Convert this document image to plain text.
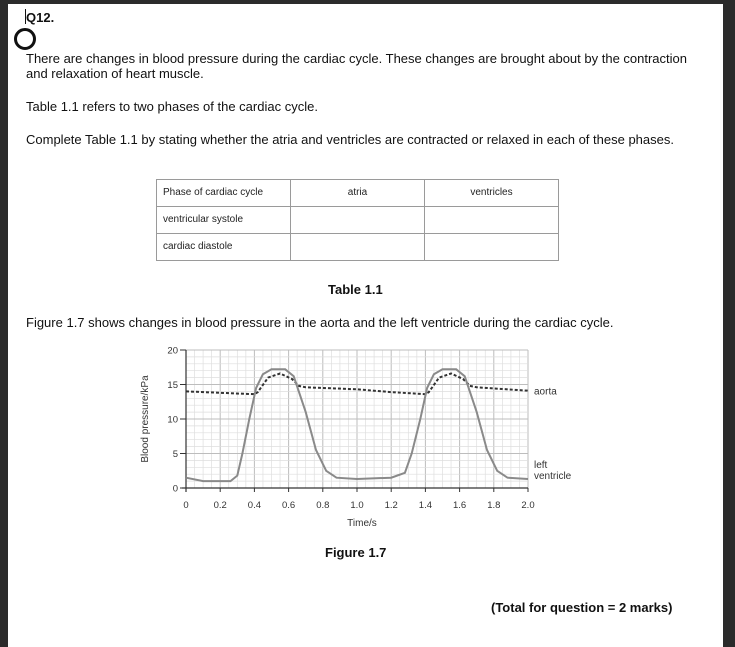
Q12.
There are changes in blood pressure during the cardiac cycle. These changes are brought about by the contraction and relaxation of heart muscle.
Table 1.1 refers to two phases of the cardiac cycle.
Complete Table 1.1 by stating whether the atria and ventricles are contracted or relaxed in each of these phases.
Phase of cardiac cycle	atria	ventricles
ventricular systole		
cardiac diastole		
Table 1.1
Figure 1.7 shows changes in blood pressure in the aorta and the left ventricle during the cardiac cycle.
0
5
10
15
20
0	0.2 0.4 0.6 0.8 1.0 1.2 1.4 1.6 1.8 2.0
Time/s
Blood pressure/kPa	aorta
left ventricle
Figure 1.7
(Total for question = 2 marks)
